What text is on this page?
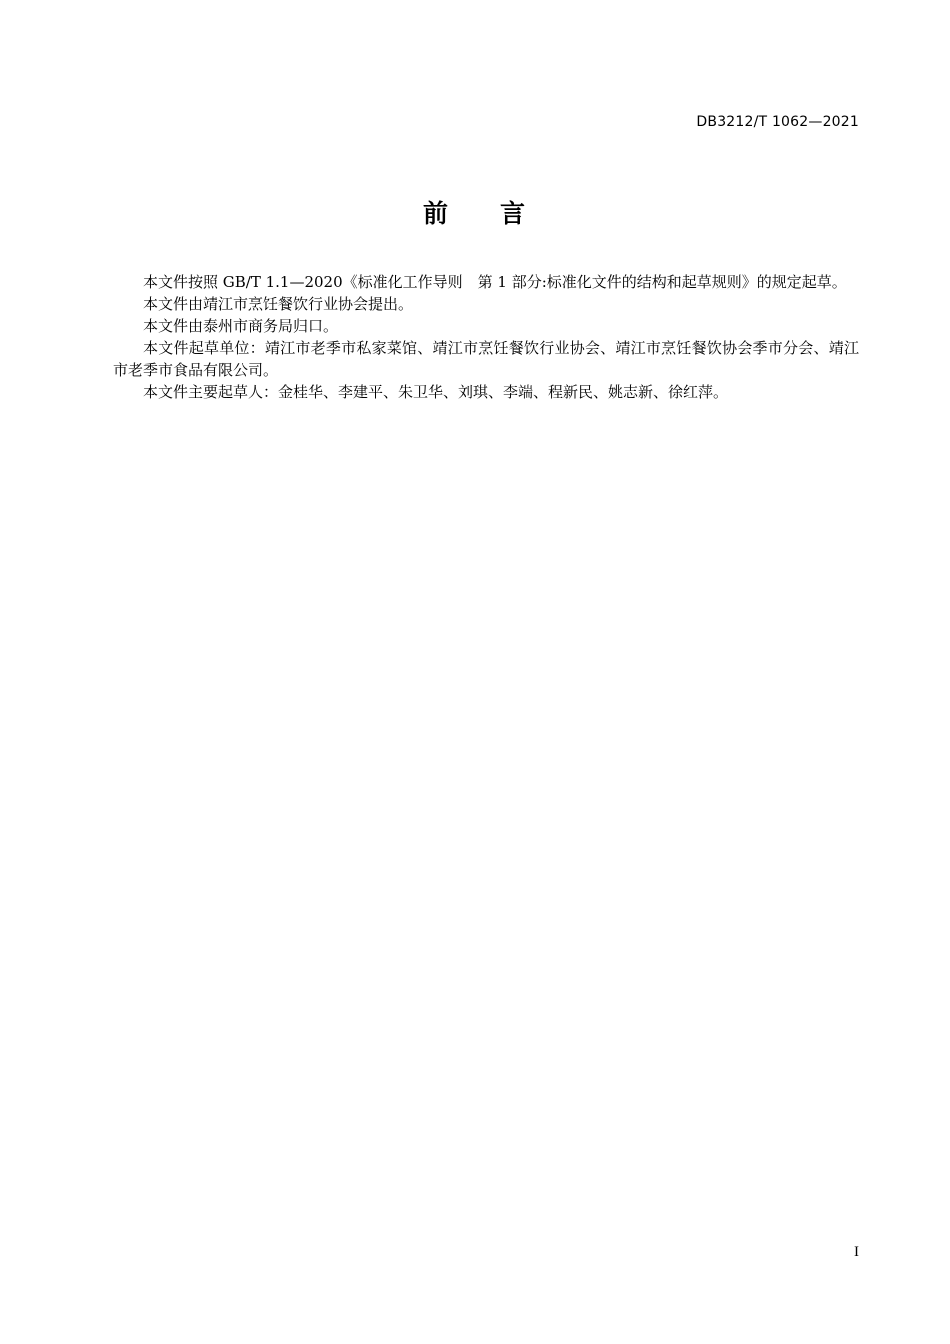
DB3212/T 1062—2021
前 言

本文件按照 GB/T 1.1—2020《标准化工作导则　第 1 部分:标准化文件的结构和起草规则》的规定起草。

本文件由靖江市烹饪餐饮行业协会提出。

本文件由泰州市商务局归口。

本文件起草单位：靖江市老季市私家菜馆、靖江市烹饪餐饮行业协会、靖江市烹饪餐饮协会季市分会、靖江市老季市食品有限公司。

本文件主要起草人：金桂华、李建平、朱卫华、刘琪、李端、程新民、姚志新、徐红萍。

I
